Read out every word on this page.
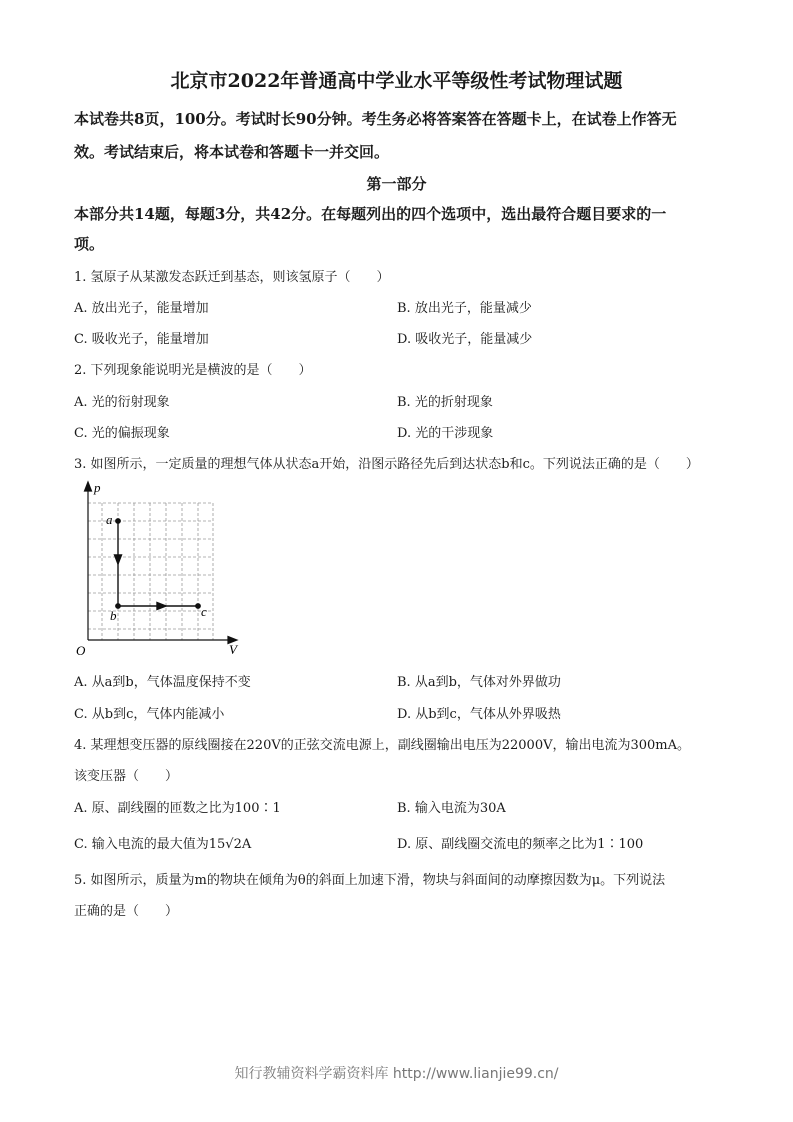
北京市2022年普通高中学业水平等级性考试物理试题
本试卷共8页，100分。考试时长90分钟。考生务必将答案答在答题卡上，在试卷上作答无
效。考试结束后，将本试卷和答题卡一并交回。
第一部分
本部分共14题，每题3分，共42分。在每题列出的四个选项中，选出最符合题目要求的一
项。
1. 氢原子从某激发态跃迁到基态，则该氢原子（　　）
A. 放出光子，能量增加	B. 放出光子，能量减少
C. 吸收光子，能量增加	D. 吸收光子，能量减少
2. 下列现象能说明光是横波的是（　　）
A. 光的衍射现象	B. 光的折射现象
C. 光的偏振现象	D. 光的干涉现象
3. 如图所示，一定质量的理想气体从状态a开始，沿图示路径先后到达状态b和c。下列说法正确的是（　　）
p
V
O
a
b	c
A. 从a到b，气体温度保持不变	B. 从a到b，气体对外界做功
C. 从b到c，气体内能减小	D. 从b到c，气体从外界吸热
4. 某理想变压器的原线圈接在220V的正弦交流电源上，副线圈输出电压为22000V，输出电流为300mA。
该变压器（　　）
A. 原、副线圈的匝数之比为100∶1	B. 输入电流为30A
C. 输入电流的最大值为15√2A	D. 原、副线圈交流电的频率之比为1∶100
5. 如图所示，质量为m的物块在倾角为θ的斜面上加速下滑，物块与斜面间的动摩擦因数为μ。下列说法
正确的是（　　）
知行教辅资料学霸资料库 http://www.lianjie99.cn/
